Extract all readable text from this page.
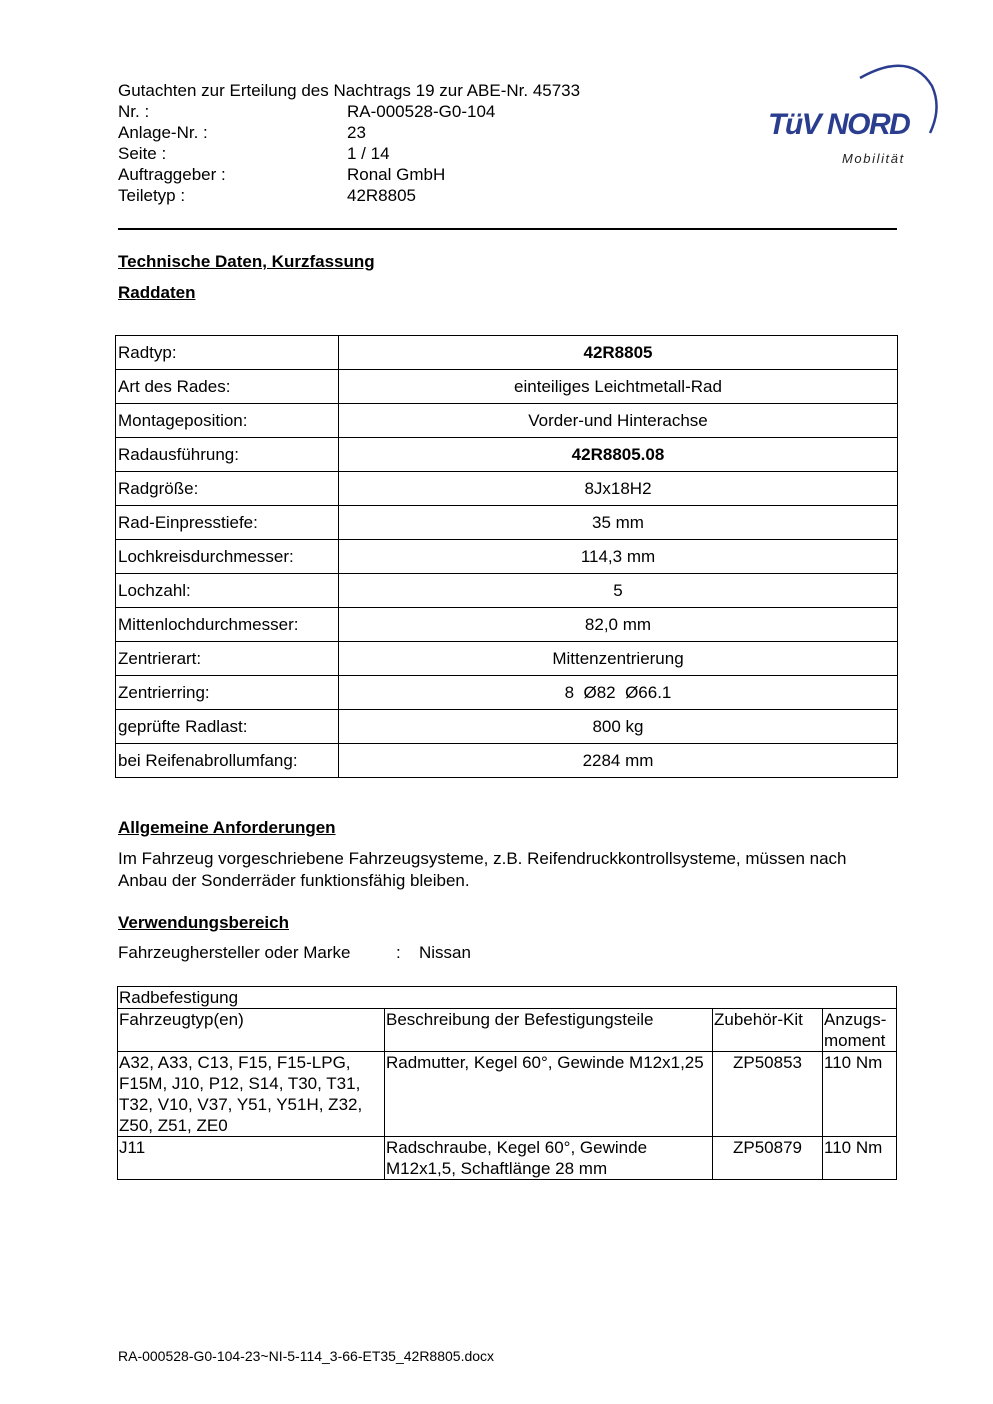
Gutachten zur Erteilung des Nachtrags 19 zur ABE-Nr. 45733
Nr. :	RA-000528-G0-104
Anlage-Nr. :	23
Seite :	1 / 14
Auftraggeber :	Ronal GmbH
Teiletyp :	42R8805
TüV NORD
Mobilität
Technische Daten, Kurzfassung
Raddaten
Radtyp:	42R8805
Art des Rades:	einteiliges Leichtmetall-Rad
Montageposition:	Vorder-und Hinterachse
Radausführung:	42R8805.08
Radgröße:	8Jx18H2
Rad-Einpresstiefe:	35 mm
Lochkreisdurchmesser:	114,3 mm
Lochzahl:	5
Mittenlochdurchmesser:	82,0 mm
Zentrierart:	Mittenzentrierung
Zentrierring:	8  Ø82  Ø66.1
geprüfte Radlast:	800 kg
bei Reifenabrollumfang:	2284 mm
Allgemeine Anforderungen
Im Fahrzeug vorgeschriebene Fahrzeugsysteme, z.B. Reifendruckkontrollsysteme, müssen nach Anbau der Sonderräder funktionsfähig bleiben.
Verwendungsbereich
Fahrzeughersteller oder Marke	: Nissan
Radbefestigung			
Fahrzeugtyp(en)	Beschreibung der Befestigungsteile	Zubehör-Kit	Anzugs-moment
A32, A33, C13, F15, F15-LPG, F15M, J10, P12, S14, T30, T31, T32, V10, V37, Y51, Y51H, Z32, Z50, Z51, ZE0	Radmutter, Kegel 60°, Gewinde M12x1,25	ZP50853	110 Nm
J11	Radschraube, Kegel 60°, Gewinde M12x1,5, Schaftlänge 28 mm	ZP50879	110 Nm
RA-000528-G0-104-23~NI-5-114_3-66-ET35_42R8805.docx
